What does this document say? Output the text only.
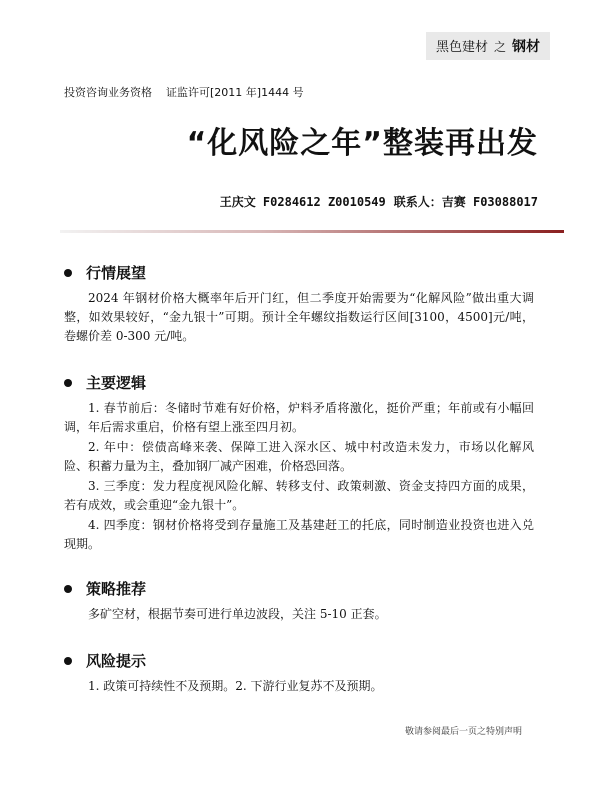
黑色建材 之 钢材
投资咨询业务资格 证监许可[2011 年]1444 号
“化风险之年”整装再出发
王庆文 F0284612 Z0010549 联系人：吉赛 F03088017
行情展望

2024 年钢材价格大概率年后开门红，但二季度开始需要为“化解风险”做出重大调整，如效果较好，“金九银十”可期。预计全年螺纹指数运行区间[3100，4500]元/吨，卷螺价差 0-300 元/吨。

主要逻辑

1. 春节前后：冬储时节难有好价格，炉料矛盾将激化，挺价严重；年前或有小幅回调，年后需求重启，价格有望上涨至四月初。

2. 年中：偿债高峰来袭、保障工进入深水区、城中村改造未发力，市场以化解风险、积蓄力量为主，叠加钢厂减产困难，价格恐回落。

3. 三季度：发力程度视风险化解、转移支付、政策刺激、资金支持四方面的成果，若有成效，或会重迎“金九银十”。

4. 四季度：钢材价格将受到存量施工及基建赶工的托底，同时制造业投资也进入兑现期。

策略推荐

多矿空材，根据节奏可进行单边波段，关注 5-10 正套。

风险提示

1. 政策可持续性不及预期。2. 下游行业复苏不及预期。

敬请参阅最后一页之特别声明
